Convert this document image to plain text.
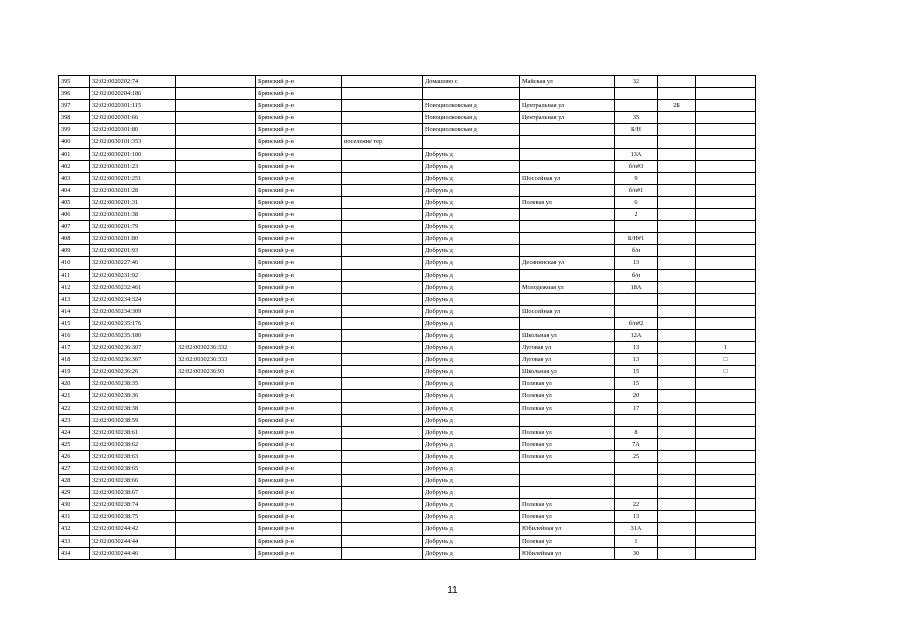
395	32:02:0020202:74		Брянский р-н		Домашово с	Майская ул	32		
396	32:02:0020204:186		Брянский р-н						
397	32:02:0020301:115		Брянский р-н		Новоциолковская д	Центральная ул		2Б	
398	32:02:0020301:66		Брянский р-н		Новоциолковская д	Центральная ул	35		
399	32:02:0020301:80		Брянский р-н		Новоциолковская д		Б/Н		
400	32:02:0030101:353		Брянский р-н	поселение тер					
401	32:02:0030201:100		Брянский р-н		Добрунь д		13А		
402	32:02:0030201:23		Брянский р-н		Добрунь д		б/н#3		
403	32:02:0030201:251		Брянский р-н		Добрунь д	Шоссейная ул	9		
404	32:02:0030201:28		Брянский р-н		Добрунь д		б/н#1		
405	32:02:0030201:31		Брянский р-н		Добрунь д	Полевая ул	6		
406	32:02:0030201:38		Брянский р-н		Добрунь д		2		
407	32:02:0030201:79		Брянский р-н		Добрунь д				
408	32:02:0030201:80		Брянский р-н		Добрунь д		Б/Н#1		
409	32:02:0030201:93		Брянский р-н		Добрунь д		б/н		
410	32:02:0030227:46		Брянский р-н		Добрунь д	Десянинская ул	13		
411	32:02:0030231:92		Брянский р-н		Добрунь д		б/н		
412	32:02:0030232:461		Брянский р-н		Добрунь д	Молодежная ул	18А		
413	32:02:0030234:324		Брянский р-н		Добрунь д				
414	32:02:0030234:309		Брянский р-н		Добрунь д	Шоссейная ул			
415	32:02:0030235:176		Брянский р-н		Добрунь д		б/н#2		
416	32:02:0030235:180		Брянский р-н		Добрунь д	Школьная ул	12А		
417	32:02:0030236:307	32:02:0030236:332	Брянский р-н		Добрунь д	Луговая ул	13		1
418	32:02:0030236:307	32:02:0030236:333	Брянский р-н		Добрунь д	Луговая ул	13		□
419	32:02:0030236:26	32:02:0030236:93	Брянский р-н		Добрунь д	Школьная ул	15		□
420	32:02:0030238:35		Брянский р-н		Добрунь д	Полевая ул	15		
421	32:02:0030238:36		Брянский р-н		Добрунь д	Полевая ул	20		
422	32:02:0030238:38		Брянский р-н		Добрунь д	Полевая ул	17		
423	32:02:0030238:59		Брянский р-н		Добрунь д				
424	32:02:0030238:61		Брянский р-н		Добрунь д	Полевая ул	8		
425	32:02:0030238:62		Брянский р-н		Добрунь д	Полевая ул	7А		
426	32:02:0030238:63		Брянский р-н		Добрунь д	Полевая ул	25		
427	32:02:0030238:65		Брянский р-н		Добрунь д				
428	32:02:0030238:66		Брянский р-н		Добрунь д				
429	32:02:0030238:67		Брянский р-н		Добрунь д				
430	32:02:0030238:74		Брянский р-н		Добрунь д	Полевая ул	22		
431	32:02:0030238:75		Брянский р-н		Добрунь д	Полевая ул	13		
432	32:02:0030244:42		Брянский р-н		Добрунь д	Юбилейная ул	31А		
433	32:02:0030244:44		Брянский р-н		Добрунь д	Полевая ул	1		
434	32:02:0030244:46		Брянский р-н		Добрунь д	Юбилейная ул	30		
11
